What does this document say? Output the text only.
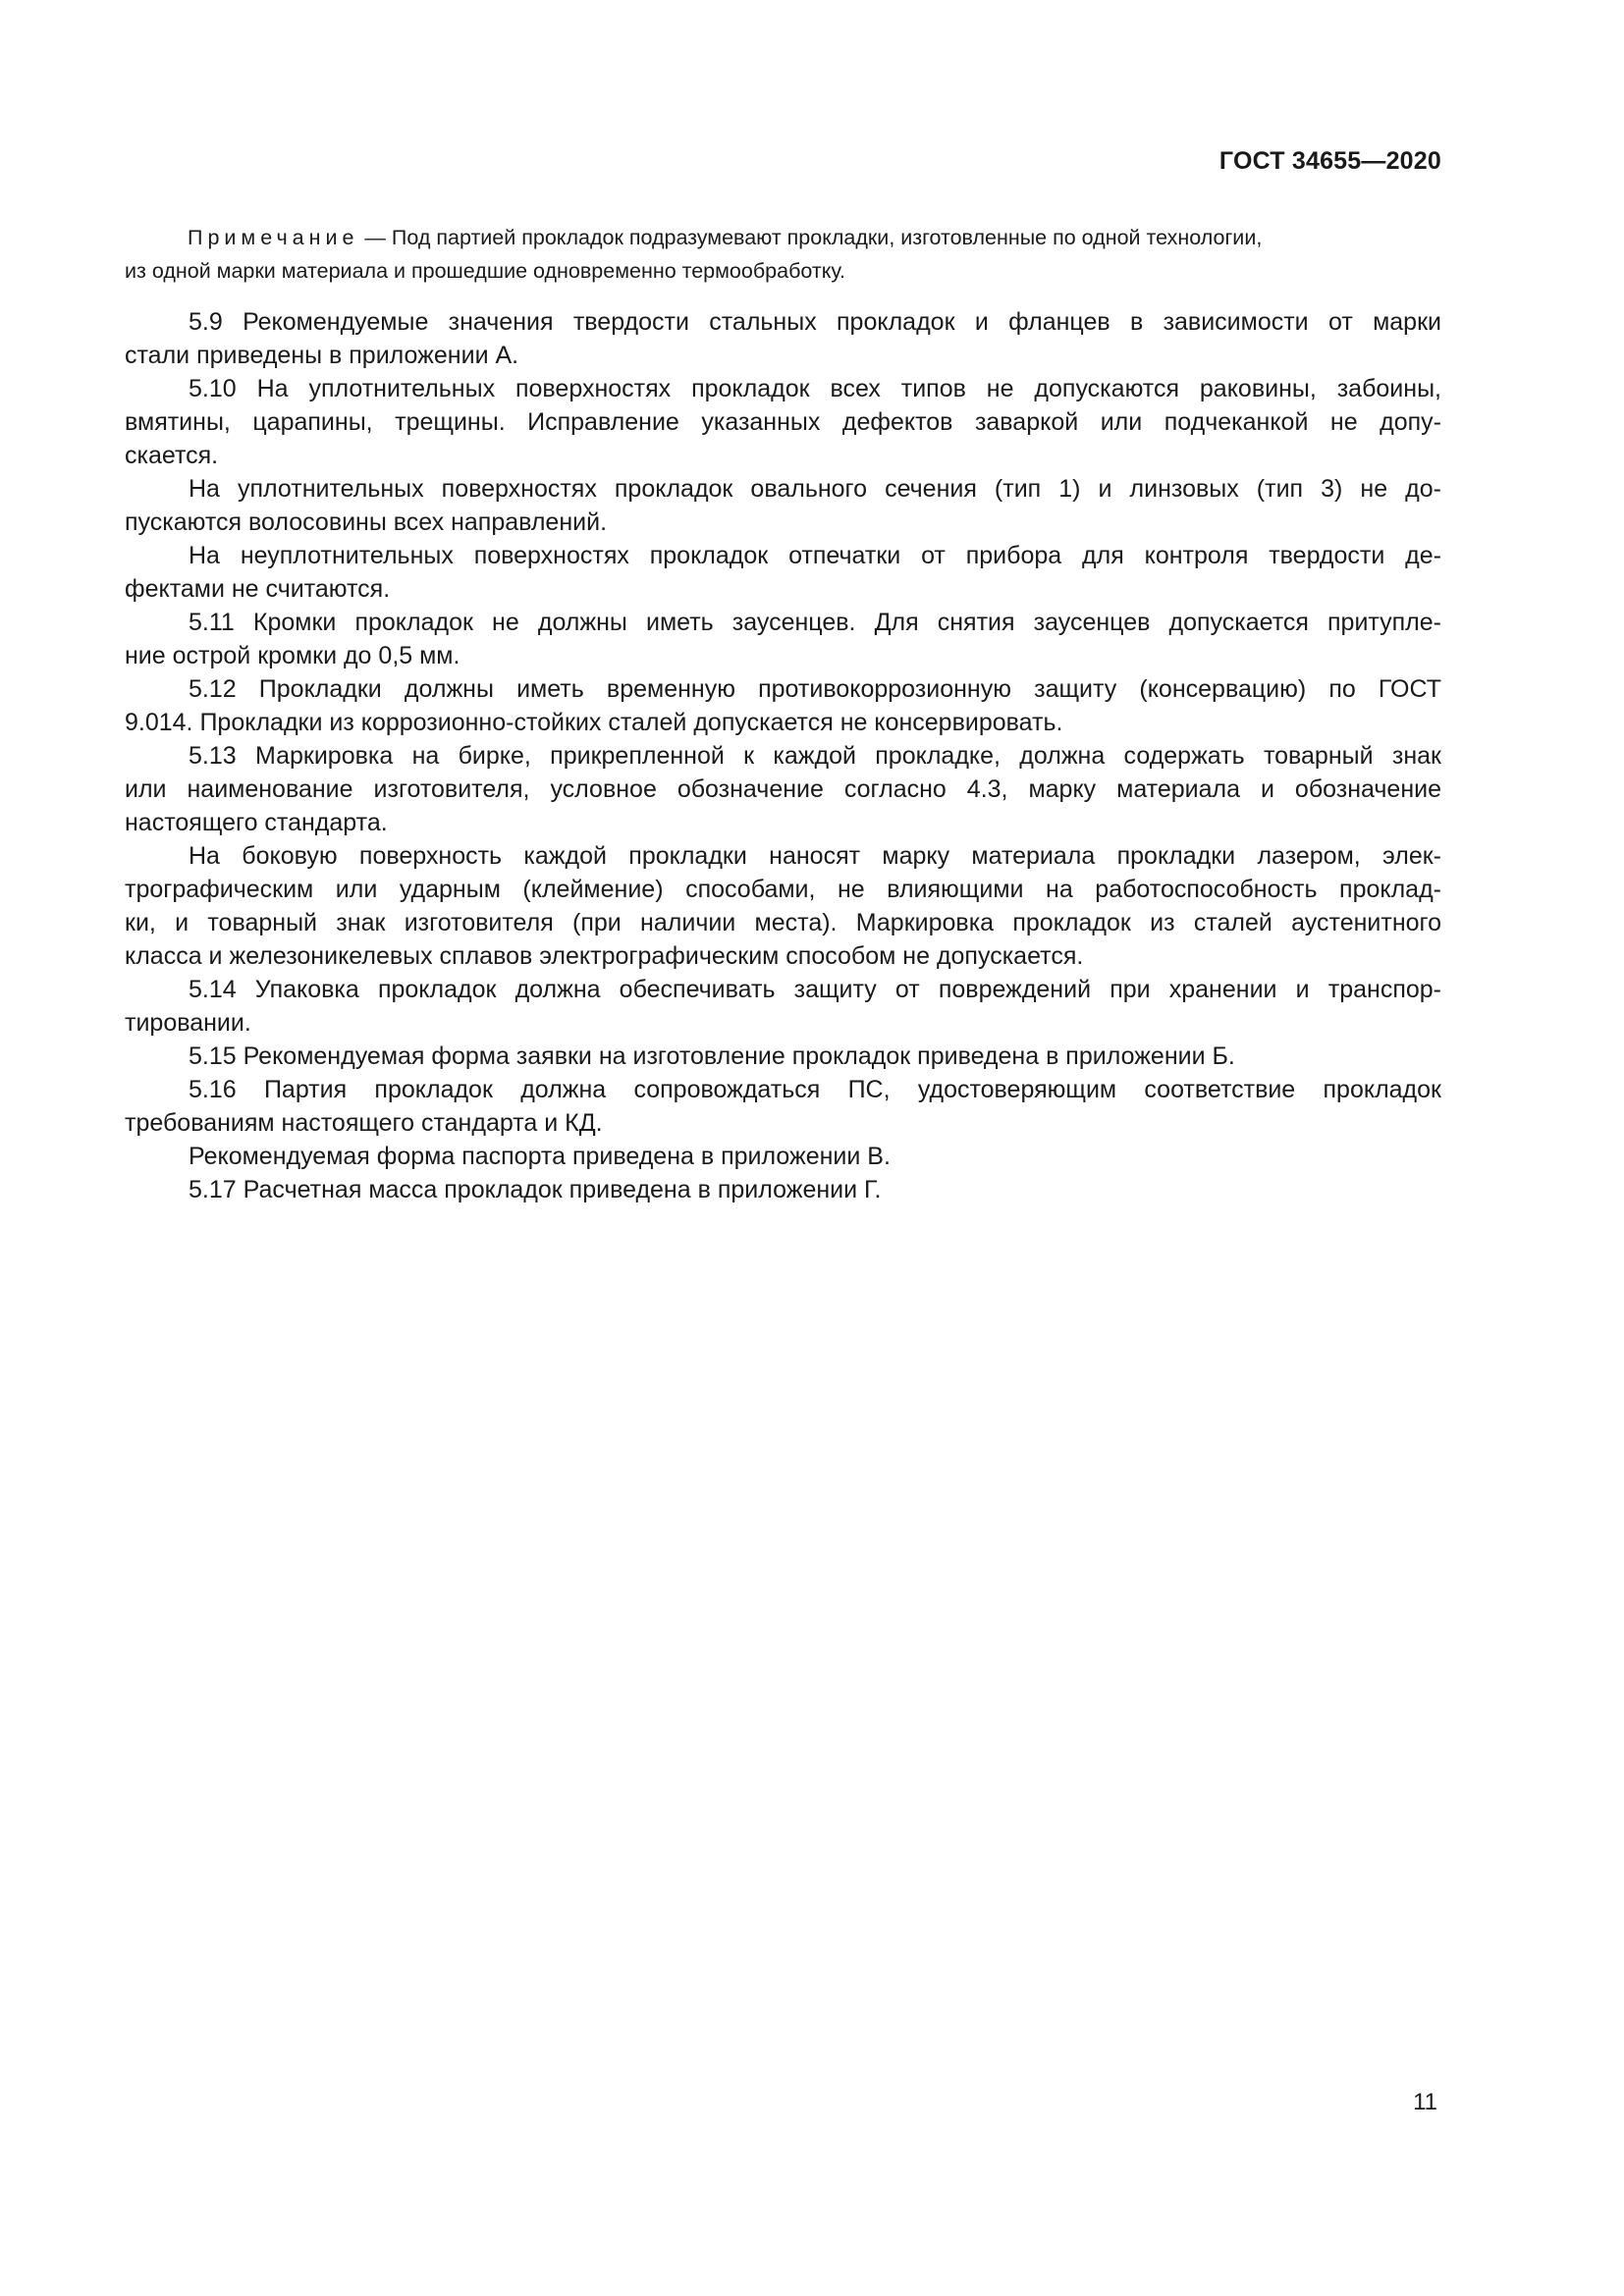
ГОСТ 34655—2020
Примечание — Под партией прокладок подразумевают прокладки, изготовленные по одной технологии,
из одной марки материала и прошедшие одновременно термообработку.
5.9 Рекомендуемые значения твердости стальных прокладок и фланцев в зависимости от марки
стали приведены в приложении А.
5.10 На уплотнительных поверхностях прокладок всех типов не допускаются раковины, забоины,
вмятины, царапины, трещины. Исправление указанных дефектов заваркой или подчеканкой не допу-
скается.
На уплотнительных поверхностях прокладок овального сечения (тип 1) и линзовых (тип 3) не до-
пускаются волосовины всех направлений.
На неуплотнительных поверхностях прокладок отпечатки от прибора для контроля твердости де-
фектами не считаются.
5.11 Кромки прокладок не должны иметь заусенцев. Для снятия заусенцев допускается притупле-
ние острой кромки до 0,5 мм.
5.12 Прокладки должны иметь временную противокоррозионную защиту (консервацию) по ГОСТ
9.014. Прокладки из коррозионно-стойких сталей допускается не консервировать.
5.13 Маркировка на бирке, прикрепленной к каждой прокладке, должна содержать товарный знак
или наименование изготовителя, условное обозначение согласно 4.3, марку материала и обозначение
настоящего стандарта.
На боковую поверхность каждой прокладки наносят марку материала прокладки лазером, элек-
трографическим или ударным (клеймение) способами, не влияющими на работоспособность проклад-
ки, и товарный знак изготовителя (при наличии места). Маркировка прокладок из сталей аустенитного
класса и железоникелевых сплавов электрографическим способом не допускается.
5.14 Упаковка прокладок должна обеспечивать защиту от повреждений при хранении и транспор-
тировании.
5.15 Рекомендуемая форма заявки на изготовление прокладок приведена в приложении Б.
5.16 Партия прокладок должна сопровождаться ПС, удостоверяющим соответствие прокладок
требованиям настоящего стандарта и КД.
Рекомендуемая форма паспорта приведена в приложении В.
5.17 Расчетная масса прокладок приведена в приложении Г.
11
